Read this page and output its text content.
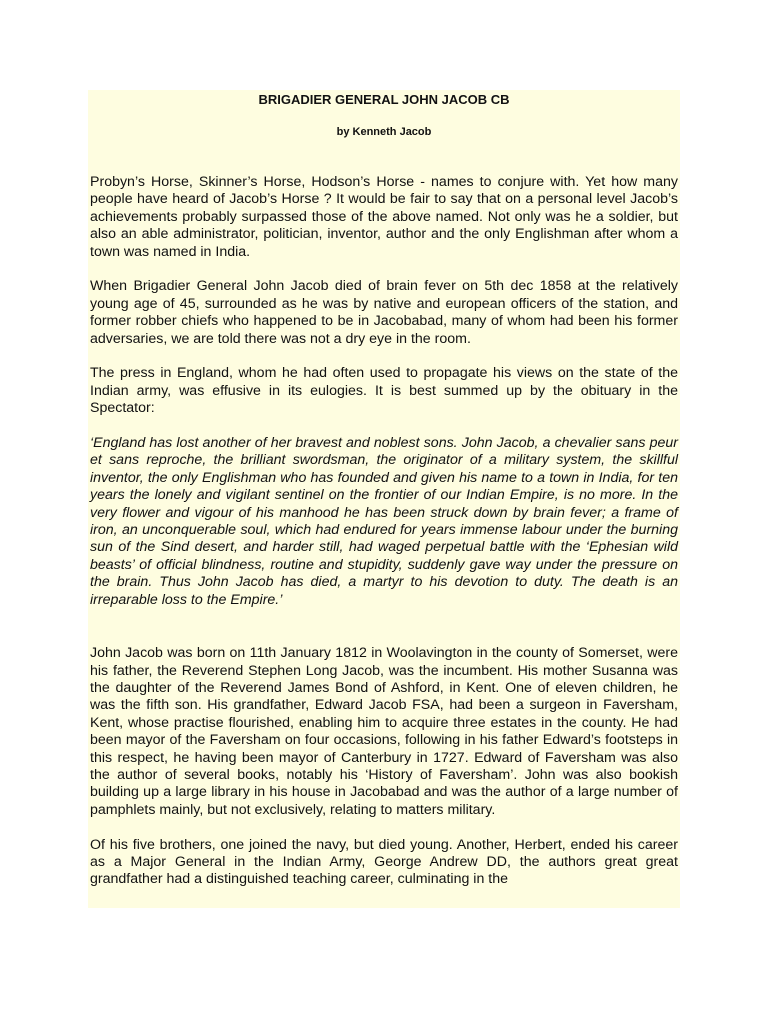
BRIGADIER GENERAL JOHN JACOB CB
by Kenneth Jacob

Probyn’s Horse, Skinner’s Horse, Hodson’s Horse - names to conjure with. Yet how many people have heard of Jacob’s Horse ? It would be fair to say that on a personal level Jacob’s achievements probably surpassed those of the above named. Not only was he a soldier, but also an able administrator, politician, inventor, author and the only Englishman after whom a town was named in India.

When Brigadier General John Jacob died of brain fever on 5th dec 1858 at the relatively young age of 45, surrounded as he was by native and european officers of the station, and former robber chiefs who happened to be in Jacobabad, many of whom had been his former adversaries, we are told there was not a dry eye in the room.

The press in England, whom he had often used to propagate his views on the state of the Indian army, was effusive in its eulogies. It is best summed up by the obituary in the Spectator:

‘England has lost another of her bravest and noblest sons. John Jacob, a chevalier sans peur et sans reproche, the brilliant swordsman, the originator of a military system, the skillful inventor, the only Englishman who has founded and given his name to a town in India, for ten years the lonely and vigilant sentinel on the frontier of our Indian Empire, is no more. In the very flower and vigour of his manhood he has been struck down by brain fever; a frame of iron, an unconquerable soul, which had endured for years immense labour under the burning sun of the Sind desert, and harder still, had waged perpetual battle with the ‘Ephesian wild beasts’ of official blindness, routine and stupidity, suddenly gave way under the pressure on the brain. Thus John Jacob has died, a martyr to his devotion to duty. The death is an irreparable loss to the Empire.’

John Jacob was born on 11th January 1812 in Woolavington in the county of Somerset, were his father, the Reverend Stephen Long Jacob, was the incumbent. His mother Susanna was the daughter of the Reverend James Bond of Ashford, in Kent. One of eleven children, he was the fifth son. His grandfather, Edward Jacob FSA, had been a surgeon in Faversham, Kent, whose practise flourished, enabling him to acquire three estates in the county. He had been mayor of the Faversham on four occasions, following in his father Edward’s footsteps in this respect, he having been mayor of Canterbury in 1727. Edward of Faversham was also the author of several books, notably his ‘History of Faversham’. John was also bookish building up a large library in his house in Jacobabad and was the author of a large number of pamphlets mainly, but not exclusively, relating to matters military.

Of his five brothers, one joined the navy, but died young. Another, Herbert, ended his career as a Major General in the Indian Army, George Andrew DD, the authors great great grandfather had a distinguished teaching career, culminating in the
